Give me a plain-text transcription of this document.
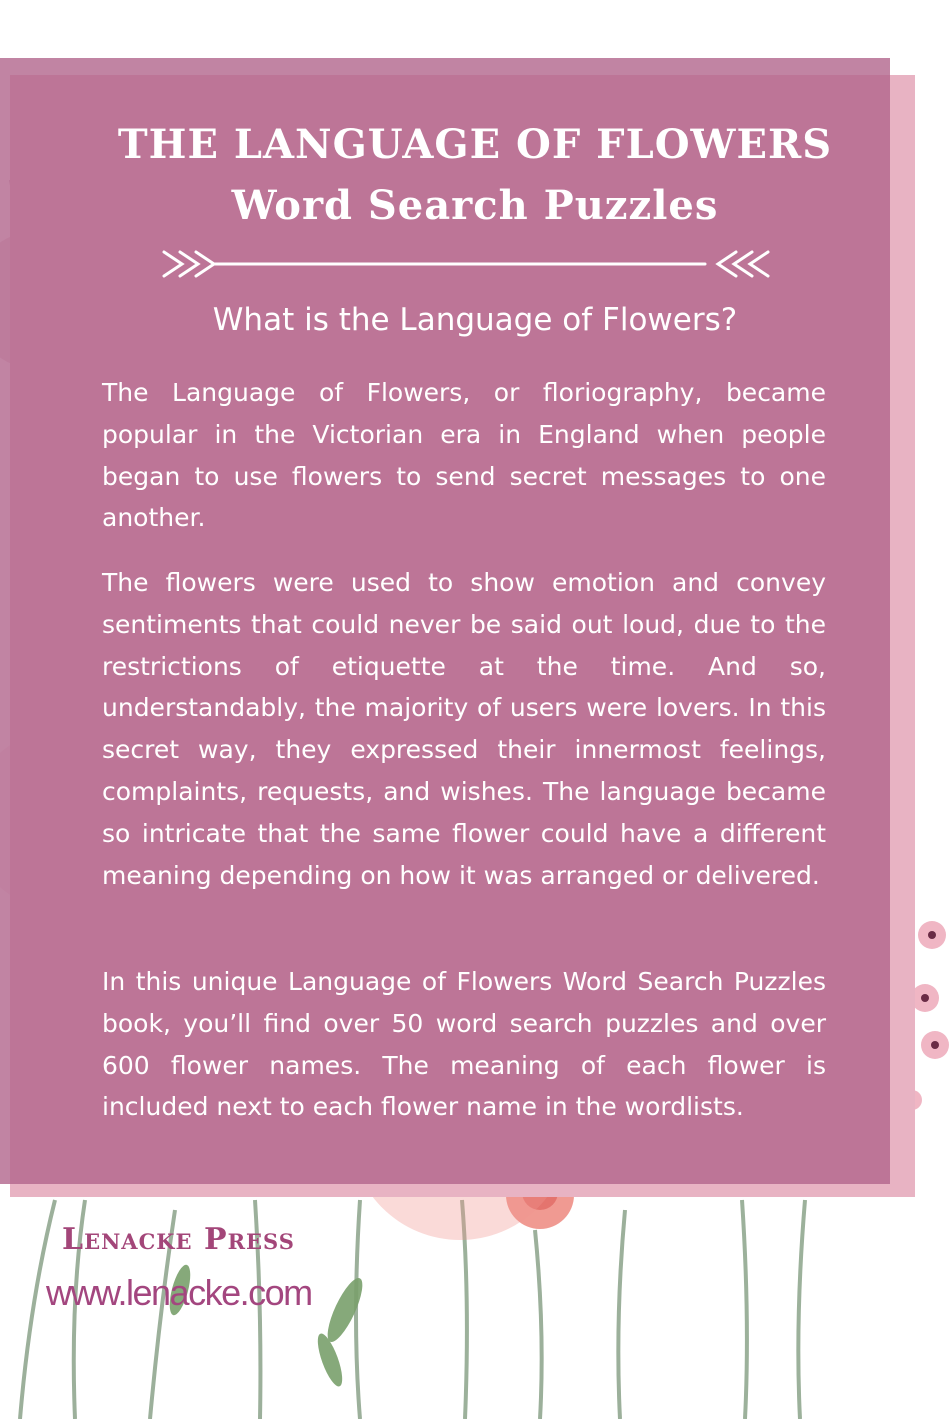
THE LANGUAGE OF FLOWERS
Word Search Puzzles
What is the Language of Flowers?
The Language of Flowers, or floriography, became popular in the Victorian era in England when people began to use flowers to send secret messages to one another.
The flowers were used to show emotion and convey sentiments that could never be said out loud, due to the restrictions of etiquette at the time. And so, understandably, the majority of users were lovers. In this secret way, they expressed their innermost feelings, complaints, requests, and wishes. The language became so intricate that the same flower could have a different meaning depending on how it was arranged or delivered.
In this unique Language of Flowers Word Search Puzzles book, you’ll find over 50 word search puzzles and over 600 flower names. The meaning of each flower is included next to each flower name in the wordlists.
Lenacke Press
www.lenacke.com
